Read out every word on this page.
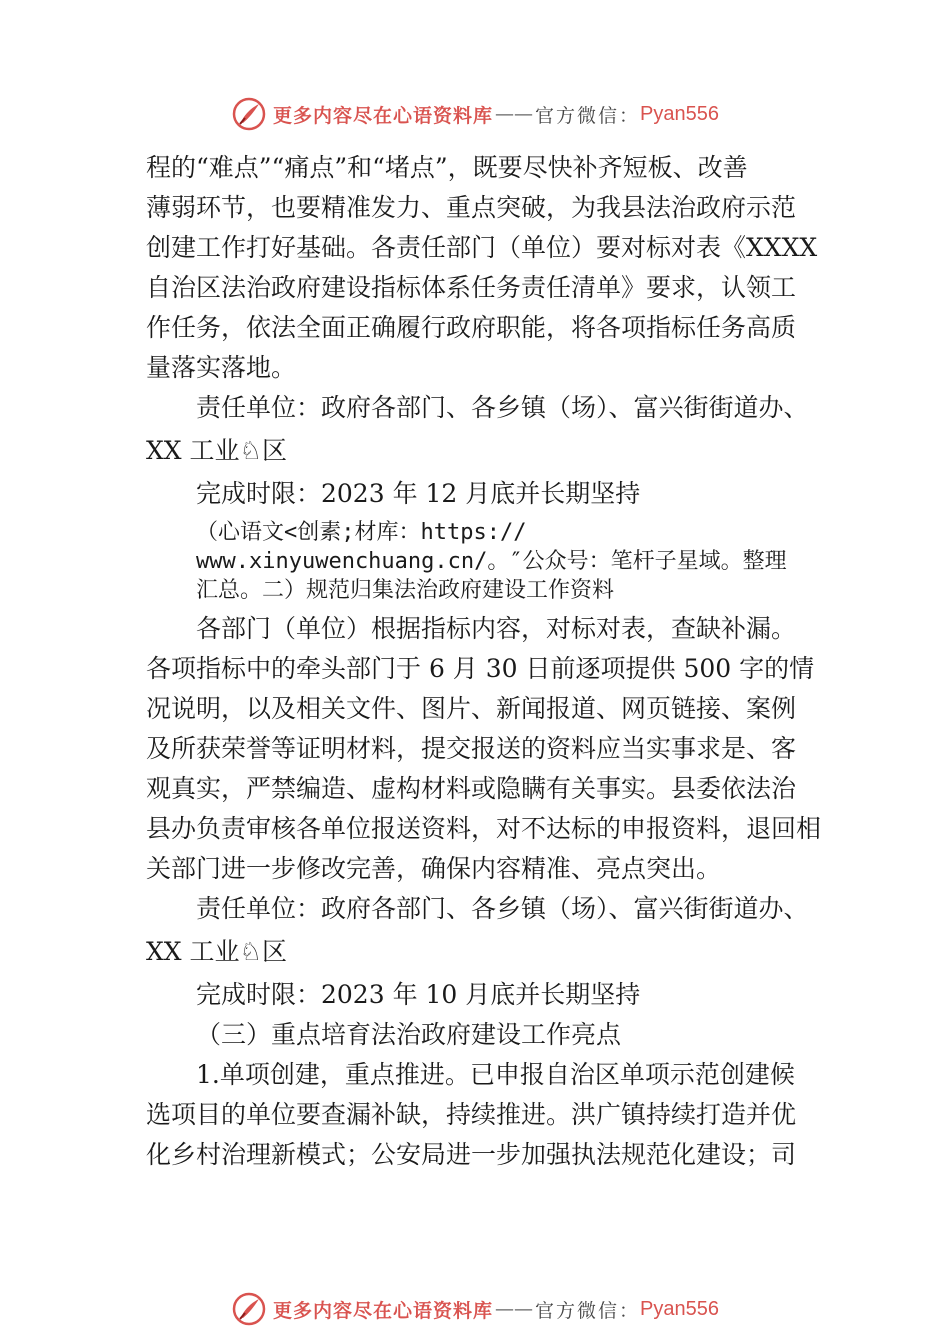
更多内容尽在心语资料库 —— 官方微信： Pyan556
程的“难点”“痛点”和“堵点”，既要尽快补齐短板、改善
薄弱环节，也要精准发力、重点突破，为我县法治政府示范
创建工作打好基础。各责任部门（单位）要对标对表《XXXX
自治区法治政府建设指标体系任务责任清单》要求，认领工
作任务，依法全面正确履行政府职能，将各项指标任务高质
量落实落地。
责任单位：政府各部门、各乡镇（场）、富兴街街道办、
XX 工业♘区
完成时限：2023 年 12 月底并长期坚持
（心语文<创素;材库：https://
www.xinyuwenchuang.cn/。″公众号：笔杆子星域。整理
汇总。二）规范归集法治政府建设工作资料
各部门（单位）根据指标内容，对标对表，查缺补漏。
各项指标中的牵头部门于 6 月 30 日前逐项提供 500 字的情
况说明，以及相关文件、图片、新闻报道、网页链接、案例
及所获荣誉等证明材料，提交报送的资料应当实事求是、客
观真实，严禁编造、虚构材料或隐瞒有关事实。县委依法治
县办负责审核各单位报送资料，对不达标的申报资料，退回相
关部门进一步修改完善，确保内容精准、亮点突出。
责任单位：政府各部门、各乡镇（场）、富兴街街道办、
XX 工业♘区
完成时限：2023 年 10 月底并长期坚持
（三）重点培育法治政府建设工作亮点
1.单项创建，重点推进。已申报自治区单项示范创建候
选项目的单位要查漏补缺，持续推进。洪广镇持续打造并优
化乡村治理新模式；公安局进一步加强执法规范化建设；司
更多内容尽在心语资料库 —— 官方微信： Pyan556
